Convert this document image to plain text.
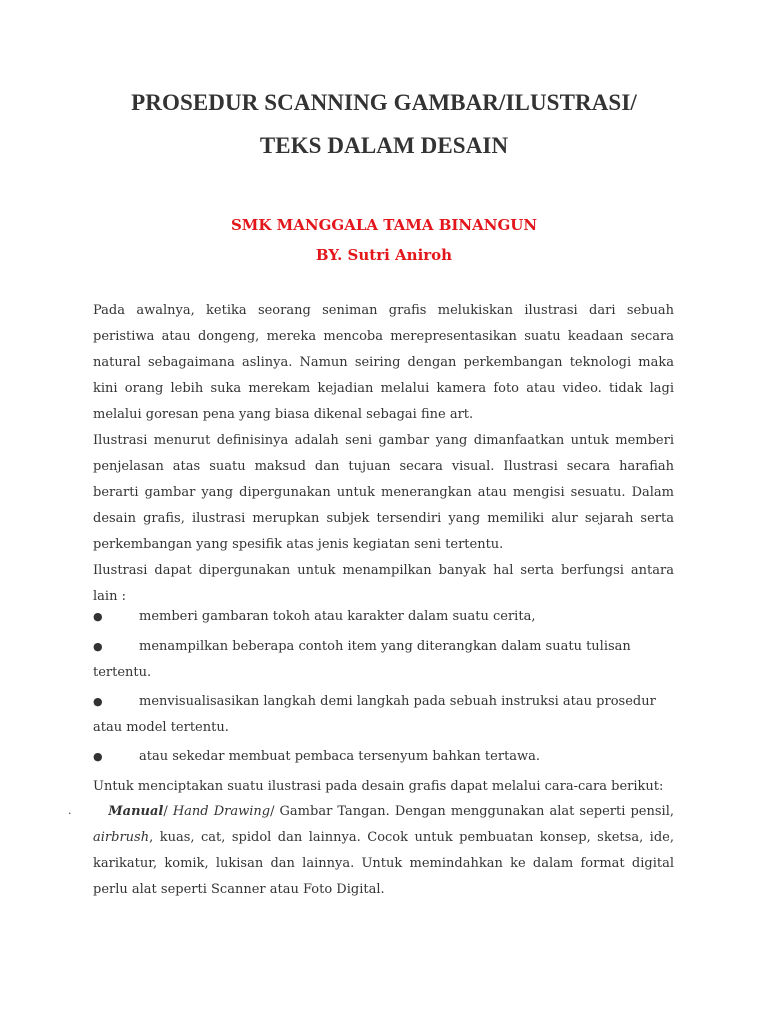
PROSEDUR SCANNING GAMBAR/ILUSTRASI/
TEKS DALAM DESAIN
SMK MANGGALA TAMA BINANGUN
BY. Sutri Aniroh

Pada awalnya, ketika seorang seniman grafis melukiskan ilustrasi dari sebuah peristiwa atau dongeng, mereka mencoba merepresentasikan suatu keadaan secara natural sebagaimana aslinya. Namun seiring dengan perkembangan teknologi maka kini orang lebih suka merekam kejadian melalui kamera foto atau video. tidak lagi melalui goresan pena yang biasa dikenal sebagai fine art.

Ilustrasi menurut definisinya adalah seni gambar yang dimanfaatkan untuk memberi penjelasan atas suatu maksud dan tujuan secara visual. Ilustrasi secara harafiah berarti gambar yang dipergunakan untuk menerangkan atau mengisi sesuatu. Dalam desain grafis, ilustrasi merupkan subjek tersendiri yang memiliki alur sejarah serta perkembangan yang spesifik atas jenis kegiatan seni tertentu.

Ilustrasi dapat dipergunakan untuk menampilkan banyak hal serta berfungsi antara lain :

●	memberi gambaran tokoh atau karakter dalam suatu cerita,
●	menampilkan beberapa contoh item yang diterangkan dalam suatu tulisan tertentu.
●	menvisualisasikan langkah demi langkah pada sebuah instruksi atau prosedur atau model tertentu.
●	atau sekedar membuat pembaca tersenyum bahkan tertawa.
Untuk menciptakan suatu ilustrasi pada desain grafis dapat melalui cara-cara berikut:
·	Manual/ Hand Drawing/ Gambar Tangan. Dengan menggunakan alat seperti pensil, airbrush, kuas, cat, spidol dan lainnya. Cocok untuk pembuatan konsep, sketsa, ide, karikatur, komik, lukisan dan lainnya. Untuk memindahkan ke dalam format digital perlu alat seperti Scanner atau Foto Digital.
